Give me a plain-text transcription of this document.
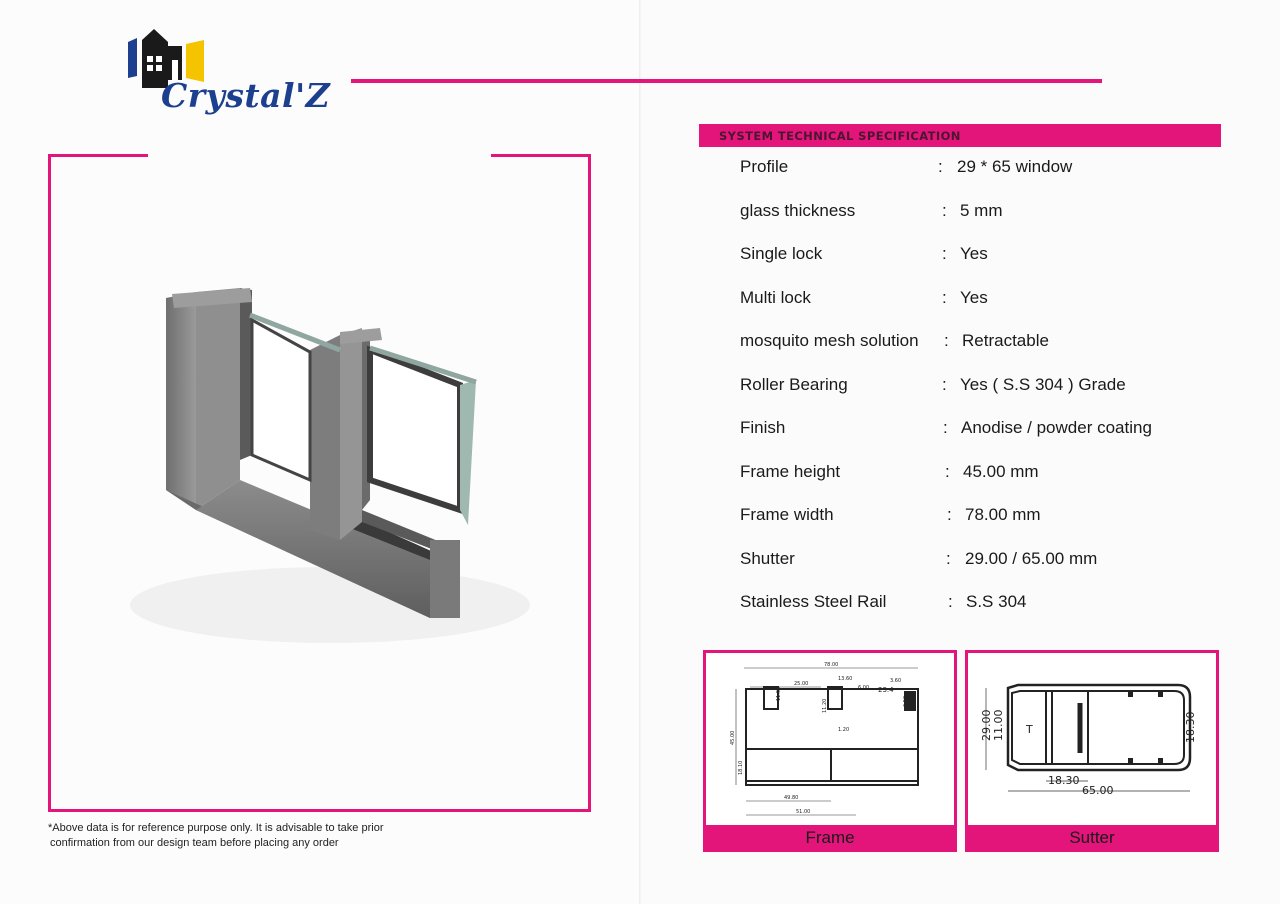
Crystal'Z
*Above data is for reference purpose only. It is advisable to take prior
confirmation from our design team before placing any order
SYSTEM TECHNICAL SPECIFICATION
Profile	: 29 * 65 window
glass thickness	: 5 mm
Single lock	: Yes
Multi lock	: Yes
mosquito mesh solution : Retractable
Roller Bearing	: Yes ( S.S 304 ) Grade
Finish	: Anodise / powder coating
Frame height	: 45.00 mm
Frame width	: 78.00 mm
Shutter	: 29.00 / 65.00 mm
Stainless Steel Rail	: S.S 304
78.00
25.00
13.60
6.00
3.60
23.4
11.50
11.20	6.50
1.20
45.00
18.10
49.80
51.00
Frame
29.00 11.00 T
18.30
65.00
18.30
Sutter
